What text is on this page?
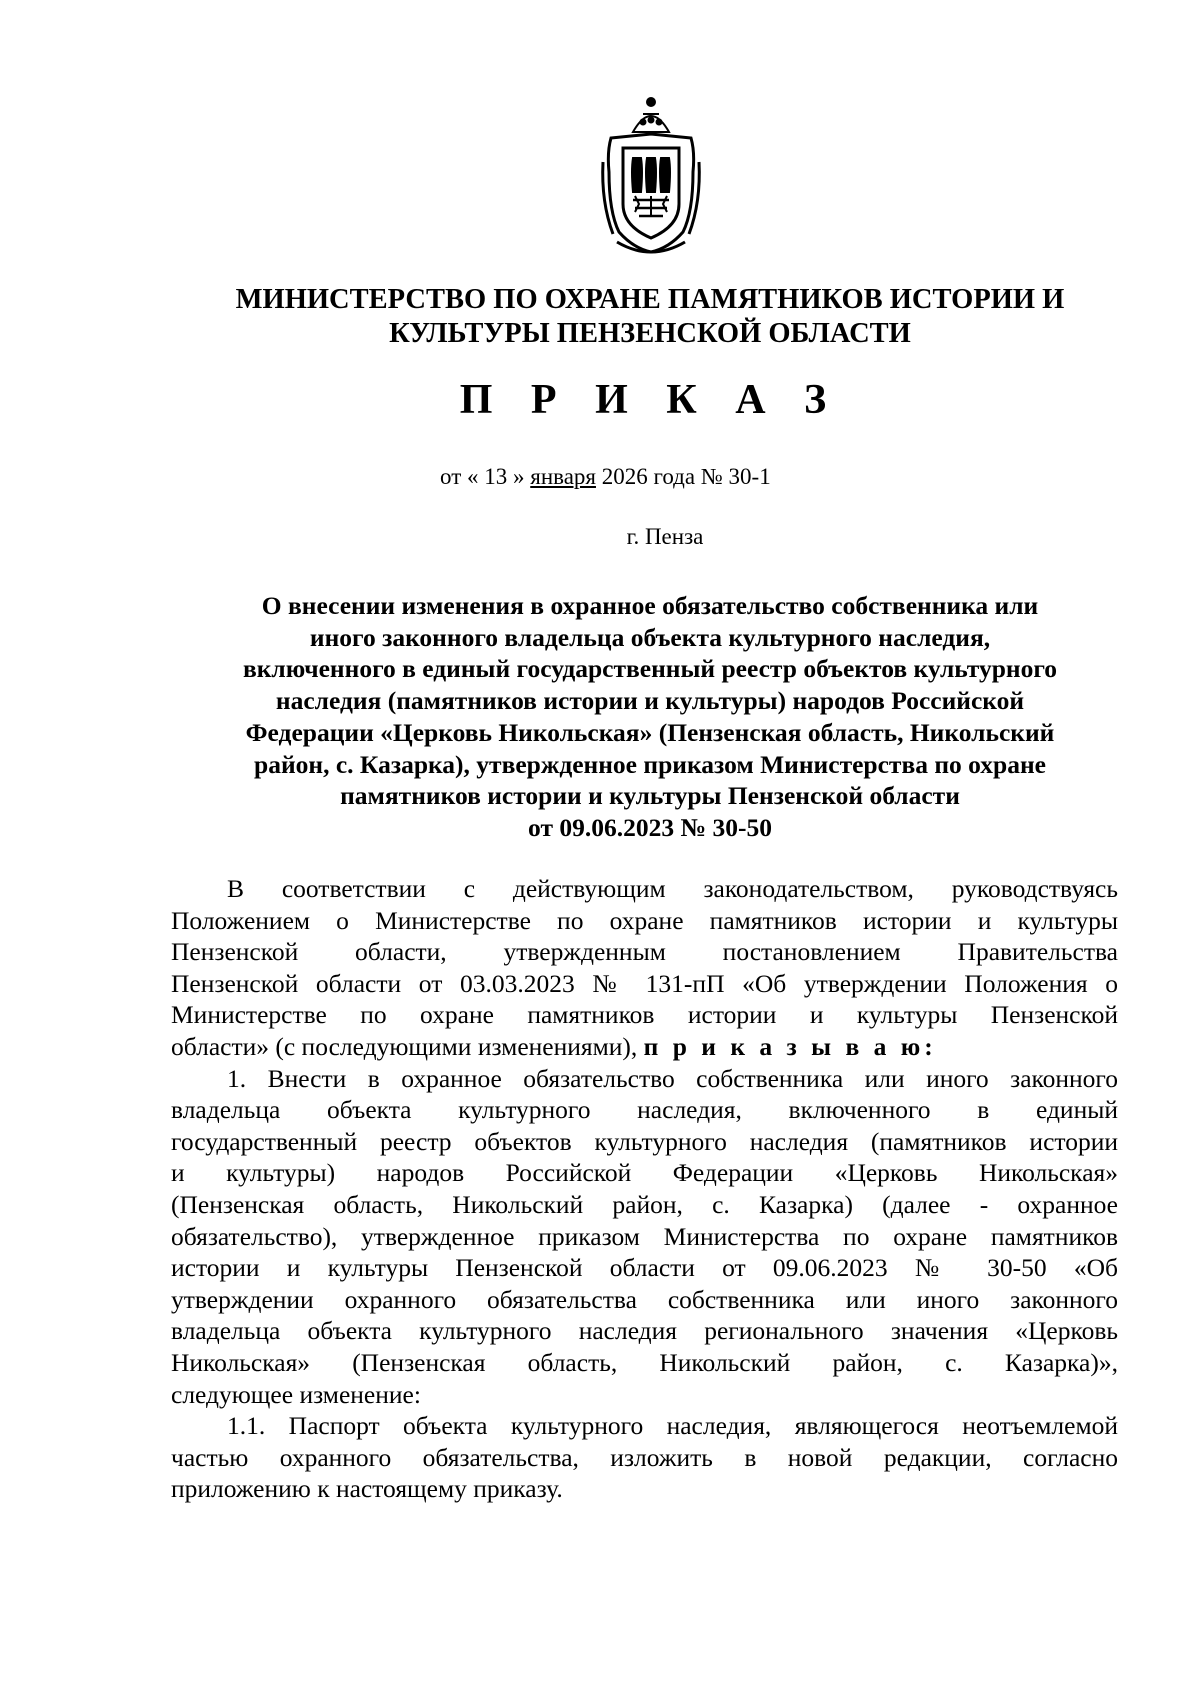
МИНИСТЕРСТВО ПО ОХРАНЕ ПАМЯТНИКОВ ИСТОРИИ И
КУЛЬТУРЫ ПЕНЗЕНСКОЙ ОБЛАСТИ
П Р И К А З
от « 13 » января 2026 года № 30-1
г. Пенза
О внесении изменения в охранное обязательство собственника или
иного законного владельца объекта культурного наследия,
включенного в единый государственный реестр объектов культурного
наследия (памятников истории и культуры) народов Российской
Федерации «Церковь Никольская» (Пензенская область, Никольский
район, с. Казарка), утвержденное приказом Министерства по охране
памятников истории и культуры Пензенской области
от 09.06.2023 № 30-50
В соответствии с действующим законодательством, руководствуясь
Положением о Министерстве по охране памятников истории и культуры
Пензенской области, утвержденным постановлением Правительства
Пензенской области от 03.03.2023 № 131-пП «Об утверждении Положения о
Министерстве по охране памятников истории и культуры Пензенской
области» (с последующими изменениями), п р и к а з ы в а ю:
1. Внести в охранное обязательство собственника или иного законного
владельца объекта культурного наследия, включенного в единый
государственный реестр объектов культурного наследия (памятников истории
и культуры) народов Российской Федерации «Церковь Никольская»
(Пензенская область, Никольский район, с. Казарка) (далее - охранное
обязательство), утвержденное приказом Министерства по охране памятников
истории и культуры Пензенской области от 09.06.2023 № 30-50 «Об
утверждении охранного обязательства собственника или иного законного
владельца объекта культурного наследия регионального значения «Церковь
Никольская» (Пензенская область, Никольский район, с. Казарка)»,
следующее изменение:
1.1. Паспорт объекта культурного наследия, являющегося неотъемлемой
частью охранного обязательства, изложить в новой редакции, согласно
приложению к настоящему приказу.
